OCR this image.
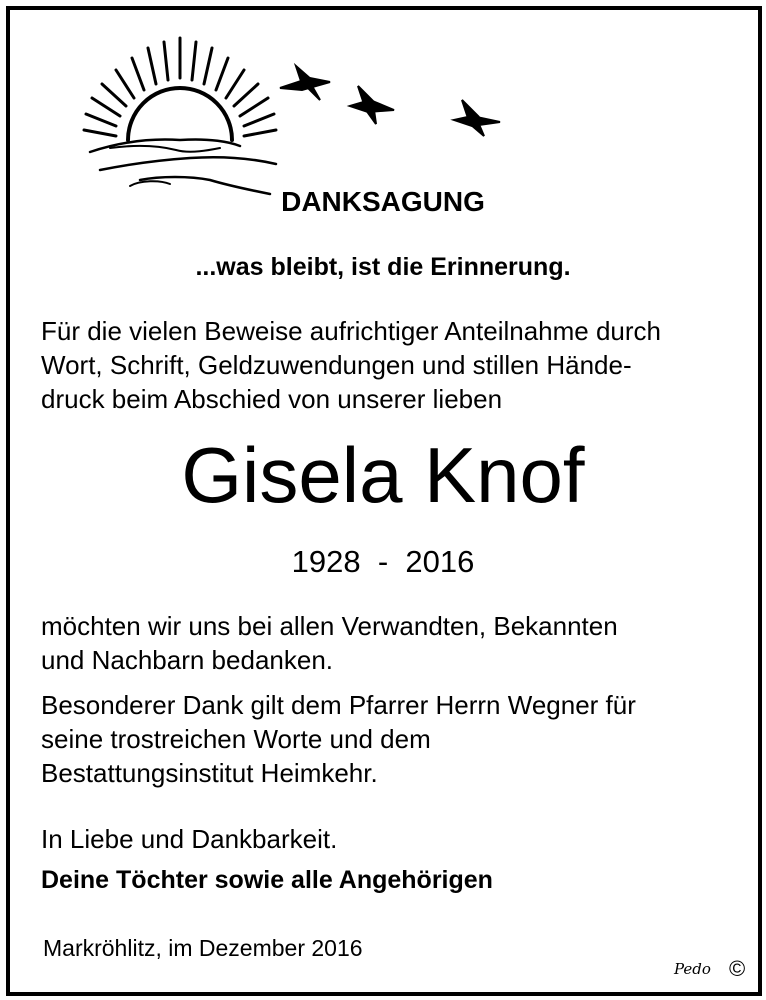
DANKSAGUNG
...was bleibt, ist die Erinnerung.
Für die vielen Beweise aufrichtiger Anteilnahme durch
Wort, Schrift, Geldzuwendungen und stillen Hände-
druck beim Abschied von unserer lieben
Gisela Knof
1928  -  2016
möchten wir uns bei allen Verwandten, Bekannten
und Nachbarn bedanken.
Besonderer Dank gilt dem Pfarrer Herrn Wegner für
seine trostreichen Worte und dem
Bestattungsinstitut Heimkehr.
In Liebe und Dankbarkeit.
Deine Töchter sowie alle Angehörigen
Markröhlitz, im Dezember 2016
Pedo ©
